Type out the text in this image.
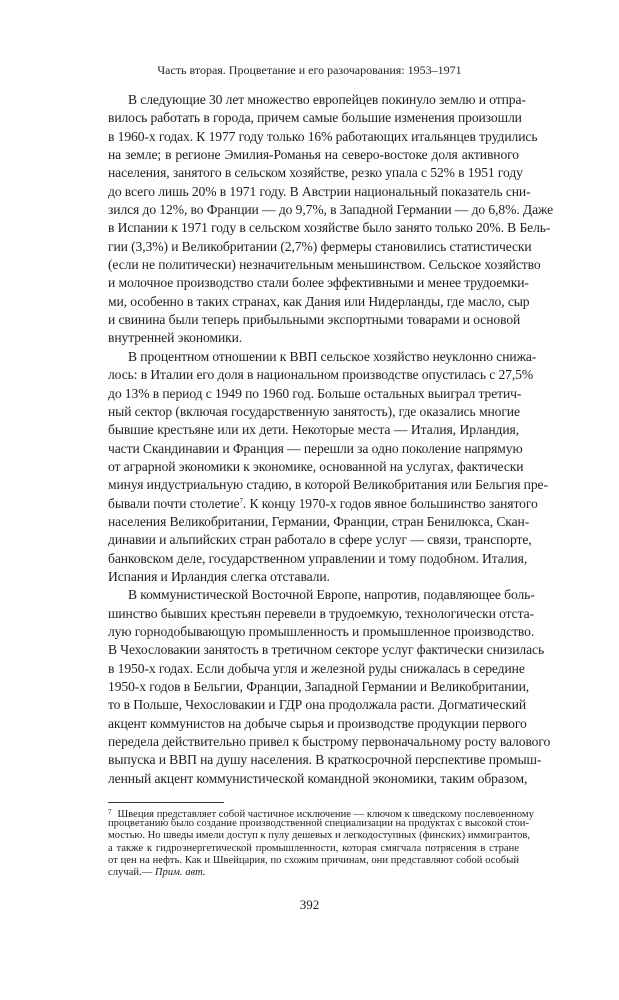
Часть вторая. Процветание и его разочарования: 1953–1971
В следующие 30 лет множество европейцев покинуло землю и отпра-
вилось работать в города, причем самые большие изменения произошли
в 1960-х годах. К 1977 году только 16% работающих итальянцев трудились
на земле; в регионе Эмилия-Романья на северо-востоке доля активного
населения, занятого в сельском хозяйстве, резко упала с 52% в 1951 году
до всего лишь 20% в 1971 году. В Австрии национальный показатель сни-
зился до 12%, во Франции — до 9,7%, в Западной Германии — до 6,8%. Даже
в Испании к 1971 году в сельском хозяйстве было занято только 20%. В Бель-
гии (3,3%) и Великобритании (2,7%) фермеры становились статистически
(если не политически) незначительным меньшинством. Сельское хозяйство
и молочное производство стали более эффективными и менее трудоемки-
ми, особенно в таких странах, как Дания или Нидерланды, где масло, сыр
и свинина были теперь прибыльными экспортными товарами и основой
внутренней экономики.
В процентном отношении к ВВП сельское хозяйство неуклонно снижа-
лось: в Италии его доля в национальном производстве опустилась с 27,5%
до 13% в период с 1949 по 1960 год. Больше остальных выиграл третич-
ный сектор (включая государственную занятость), где оказались многие
бывшие крестьяне или их дети. Некоторые места — Италия, Ирландия,
части Скандинавии и Франция — перешли за одно поколение напрямую
от аграрной экономики к экономике, основанной на услугах, фактически
минуя индустриальную стадию, в которой Великобритания или Бельгия пре-
бывали почти столетие$^7$. К концу 1970-х годов явное большинство занятого
населения Великобритании, Германии, Франции, стран Бенилюкса, Скан-
динавии и альпийских стран работало в сфере услуг — связи, транспорте,
банковском деле, государственном управлении и тому подобном. Италия,
Испания и Ирландия слегка отставали.
В коммунистической Восточной Европе, напротив, подавляющее боль-
шинство бывших крестьян перевели в трудоемкую, технологически отста-
лую горнодобывающую промышленность и промышленное производство.
В Чехословакии занятость в третичном секторе услуг фактически снизилась
в 1950-х годах. Если добыча угля и железной руды снижалась в середине
1950-х годов в Бельгии, Франции, Западной Германии и Великобритании,
то в Польше, Чехословакии и ГДР она продолжала расти. Догматический
акцент коммунистов на добыче сырья и производстве продукции первого
передела действительно привел к быстрому первоначальному росту валового
выпуска и ВВП на душу населения. В краткосрочной перспективе промыш-
ленный акцент коммунистической командной экономики, таким образом,
$^7$ Швеция представляет собой частичное исключение — ключом к шведскому послевоенному
процветанию было создание производственной специализации на продуктах с высокой стои-
мостью. Но шведы имели доступ к пулу дешевых и легкодоступных (финских) иммигрантов,
а также к гидроэнергетической промышленности, которая смягчала потрясения в стране
от цен на нефть. Как и Швейцария, по схожим причинам, они представляют собой особый
случай.— Прим. авт.
392
